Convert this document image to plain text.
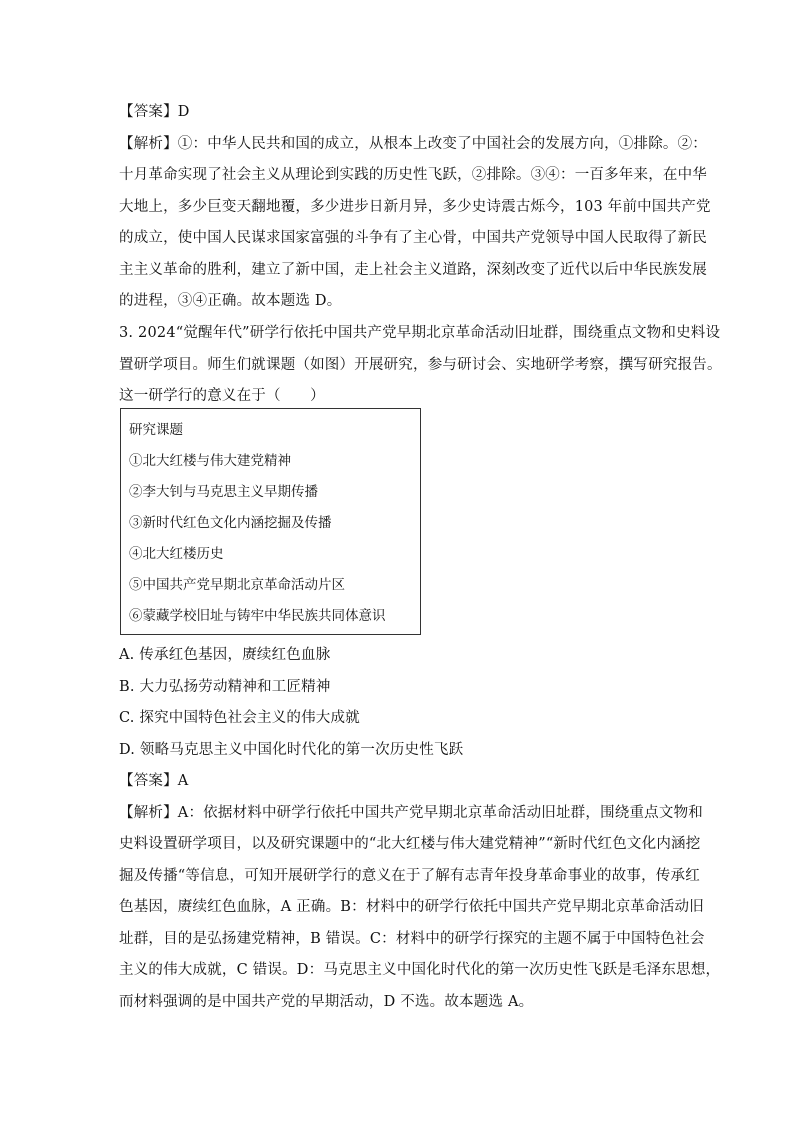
【答案】D
【解析】①：中华人民共和国的成立，从根本上改变了中国社会的发展方向，①排除。②：
十月革命实现了社会主义从理论到实践的历史性飞跃，②排除。③④：一百多年来，在中华
大地上，多少巨变天翻地覆，多少进步日新月异，多少史诗震古烁今，103 年前中国共产党
的成立，使中国人民谋求国家富强的斗争有了主心骨，中国共产党领导中国人民取得了新民
主主义革命的胜利，建立了新中国，走上社会主义道路，深刻改变了近代以后中华民族发展
的进程，③④正确。故本题选 D。
3. 2024“觉醒年代”研学行依托中国共产党早期北京革命活动旧址群，围绕重点文物和史料设
置研学项目。师生们就课题（如图）开展研究，参与研讨会、实地研学考察，撰写研究报告。
这一研学行的意义在于（　　）
研究课题
①北大红楼与伟大建党精神
②李大钊与马克思主义早期传播
③新时代红色文化内涵挖掘及传播
④北大红楼历史
⑤中国共产党早期北京革命活动片区
⑥蒙藏学校旧址与铸牢中华民族共同体意识
A. 传承红色基因，赓续红色血脉
B. 大力弘扬劳动精神和工匠精神
C. 探究中国特色社会主义的伟大成就
D. 领略马克思主义中国化时代化的第一次历史性飞跃
【答案】A
【解析】A：依据材料中研学行依托中国共产党早期北京革命活动旧址群，围绕重点文物和
史料设置研学项目，以及研究课题中的“北大红楼与伟大建党精神”“新时代红色文化内涵挖
掘及传播“等信息，可知开展研学行的意义在于了解有志青年投身革命事业的故事，传承红
色基因，赓续红色血脉，A 正确。B：材料中的研学行依托中国共产党早期北京革命活动旧
址群，目的是弘扬建党精神，B 错误。C：材料中的研学行探究的主题不属于中国特色社会
主义的伟大成就，C 错误。D：马克思主义中国化时代化的第一次历史性飞跃是毛泽东思想，
而材料强调的是中国共产党的早期活动，D 不选。故本题选 A。
